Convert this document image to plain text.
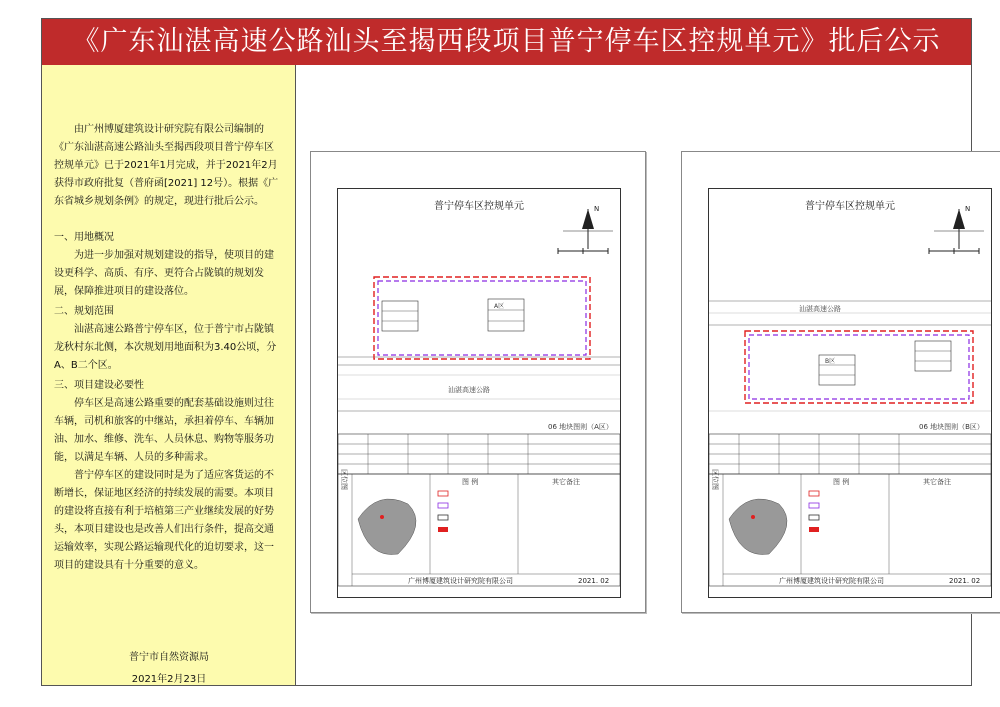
《广东汕湛高速公路汕头至揭西段项目普宁停车区控规单元》批后公示

由广州博厦建筑设计研究院有限公司编制的《广东汕湛高速公路汕头至揭西段项目普宁停车区控规单元》已于2021年1月完成，并于2021年2月获得市政府批复（普府函[2021] 12号）。根据《广东省城乡规划条例》的规定，现进行批后公示。

一、用地概况

为进一步加强对规划建设的指导，使项目的建设更科学、高质、有序、更符合占陇镇的规划发展，保障推进项目的建设落位。

二、规划范围

汕湛高速公路普宁停车区，位于普宁市占陇镇龙秋村东北侧，本次规划用地面积为3.40公顷，分A、B二个区。

三、项目建设必要性

停车区是高速公路重要的配套基础设施则过往车辆，司机和旅客的中继站，承担着停车、车辆加油、加水、维修、洗车、人员休息、购物等服务功能，以满足车辆、人员的多种需求。

普宁停车区的建设同时是为了适应客货运的不断增长，保证地区经济的持续发展的需要。本项目的建设将直接有利于培植第三产业继续发展的好势头，本项目建设也是改善人们出行条件，提高交通运输效率，实现公路运输现代化的迫切要求，这一项目的建设具有十分重要的意义。

普宁市自然资源局
2021年2月23日
普宁停车区控规单元	N
汕湛高速公路
A区
区位图
06 地块图则（A区）
图 例	其它备注
广州博厦建筑设计研究院有限公司	2021. 02
普宁停车区控规单元	N
汕湛高速公路
B区
区位图
06 地块图则（B区）
图 例	其它备注
广州博厦建筑设计研究院有限公司	2021. 02
